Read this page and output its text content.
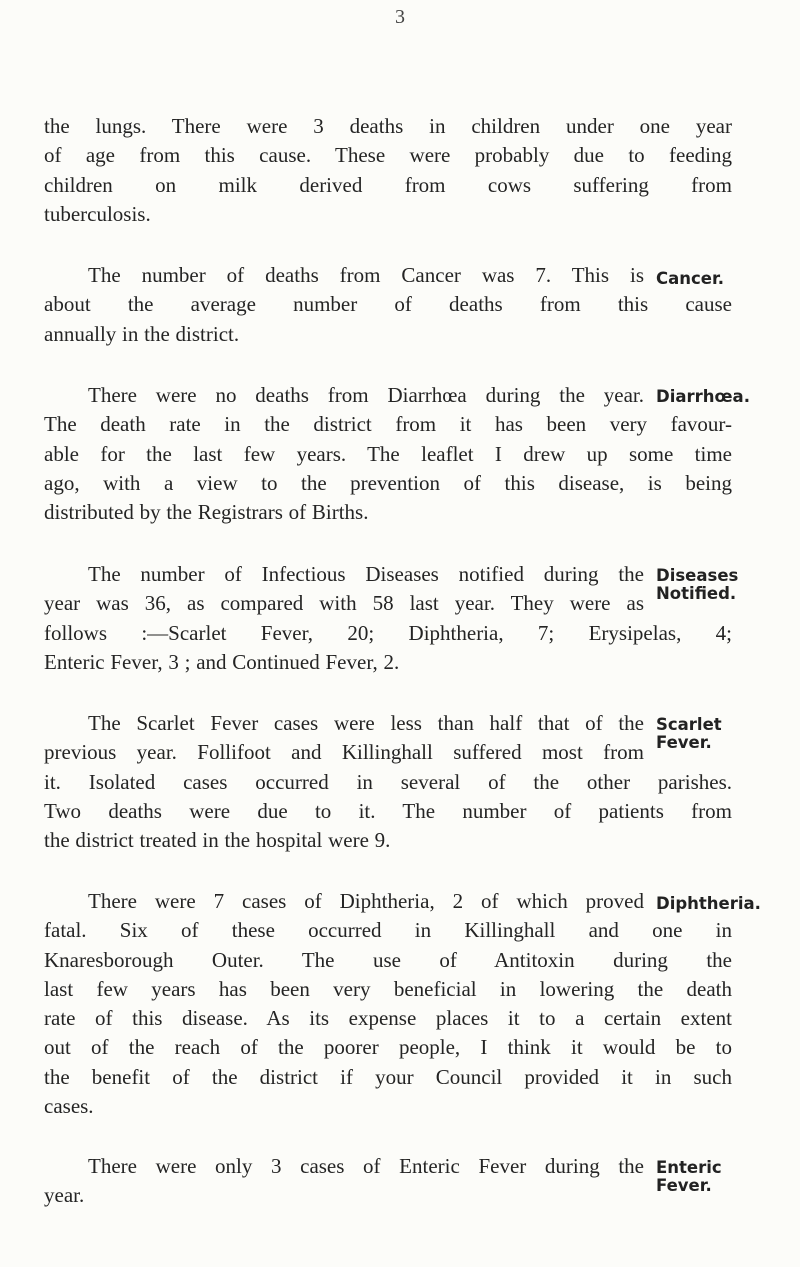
3
the lungs. There were 3 deaths in children under one year
of age from this cause. These were probably due to feeding
children on milk derived from cows suffering from
tuberculosis.
The number of deaths from Cancer was 7. This is
about the average number of deaths from this cause
annually in the district.
Cancer.
There were no deaths from Diarrhœa during the year.
The death rate in the district from it has been very favour-
able for the last few years. The leaflet I drew up some time
ago, with a view to the prevention of this disease, is being
distributed by the Registrars of Births.
Diarrhœa.
The number of Infectious Diseases notified during the
year was 36, as compared with 58 last year. They were as
follows :—Scarlet Fever, 20; Diphtheria, 7; Erysipelas, 4;
Enteric Fever, 3 ; and Continued Fever, 2.
Diseases
Notified.
The Scarlet Fever cases were less than half that of the
previous year. Follifoot and Killinghall suffered most from
it. Isolated cases occurred in several of the other parishes.
Two deaths were due to it. The number of patients from
the district treated in the hospital were 9.
Scarlet
Fever.
There were 7 cases of Diphtheria, 2 of which proved
fatal. Six of these occurred in Killinghall and one in
Knaresborough Outer. The use of Antitoxin during the
last few years has been very beneficial in lowering the death
rate of this disease. As its expense places it to a certain extent
out of the reach of the poorer people, I think it would be to
the benefit of the district if your Council provided it in such
cases.
Diphtheria.
There were only 3 cases of Enteric Fever during the
year.
Enteric
Fever.
